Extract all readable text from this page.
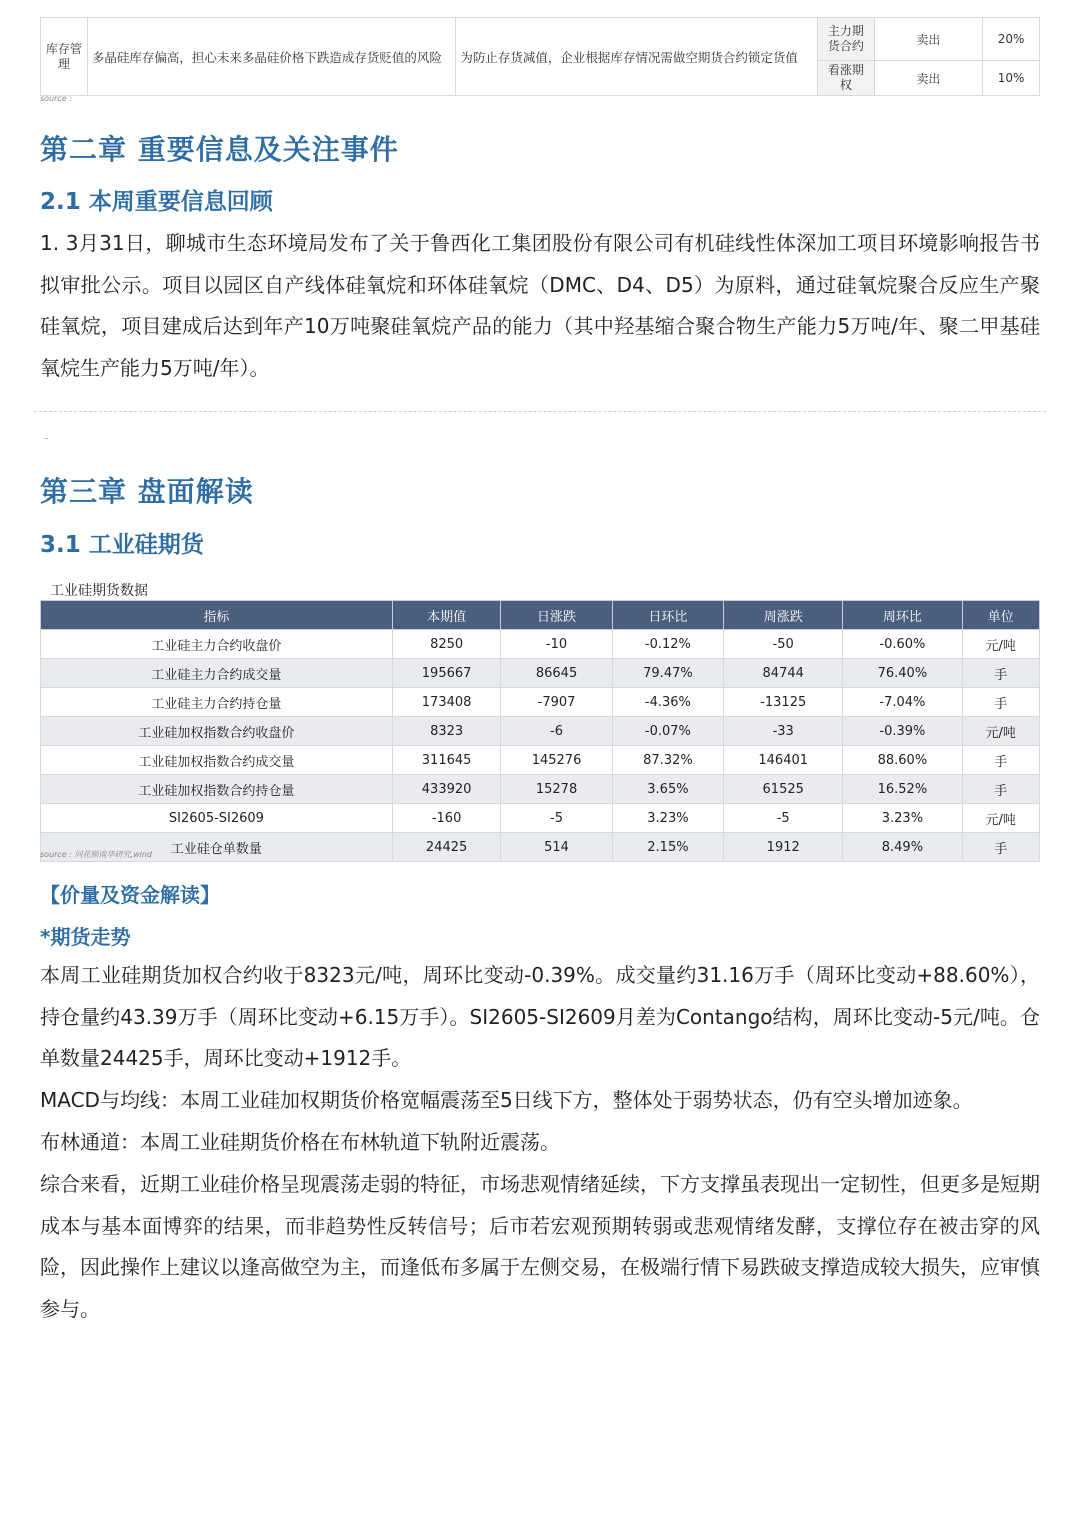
库存管理	多晶硅库存偏高，担心未来多晶硅价格下跌造成存货贬值的风险	为防止存货减值，企业根据库存情况需做空期货合约锁定货值	主力期货合约	卖出	20%
			看涨期权	卖出	10%
source :
第二章 重要信息及关注事件
2.1 本周重要信息回顾

1. 3月31日，聊城市生态环境局发布了关于鲁西化工集团股份有限公司有机硅线性体深加工项目环境影响报告书拟审批公示。项目以园区自产线体硅氧烷和环体硅氧烷（DMC、D4、D5）为原料，通过硅氧烷聚合反应生产聚硅氧烷，项目建成后达到年产10万吨聚硅氧烷产品的能力（其中羟基缩合聚合物生产能力5万吨/年、聚二甲基硅氧烷生产能力5万吨/年）。

..
第三章 盘面解读
3.1 工业硅期货
工业硅期货数据
指标	本期值	日涨跌	日环比	周涨跌	周环比	单位
工业硅主力合约收盘价	8250	-10	-0.12%	-50	-0.60%	元/吨
工业硅主力合约成交量	195667	86645	79.47%	84744	76.40%	手
工业硅主力合约持仓量	173408	-7907	-4.36%	-13125	-7.04%	手
工业硅加权指数合约收盘价	8323	-6	-0.07%	-33	-0.39%	元/吨
工业硅加权指数合约成交量	311645	145276	87.32%	146401	88.60%	手
工业硅加权指数合约持仓量	433920	15278	3.65%	61525	16.52%	手
SI2605-SI2609	-160	-5	3.23%	-5	3.23%	元/吨
工业硅仓单数量	24425	514	2.15%	1912	8.49%	手
source : 同花顺南华研究,wind
【价量及资金解读】
*期货走势

本周工业硅期货加权合约收于8323元/吨，周环比变动-0.39%。成交量约31.16万手（周环比变动+88.60%），持仓量约43.39万手（周环比变动+6.15万手）。SI2605-SI2609月差为Contango结构，周环比变动-5元/吨。仓单数量24425手，周环比变动+1912手。

MACD与均线：本周工业硅加权期货价格宽幅震荡至5日线下方，整体处于弱势状态，仍有空头增加迹象。

布林通道：本周工业硅期货价格在布林轨道下轨附近震荡。

综合来看，近期工业硅价格呈现震荡走弱的特征，市场悲观情绪延续，下方支撑虽表现出一定韧性，但更多是短期成本与基本面博弈的结果，而非趋势性反转信号；后市若宏观预期转弱或悲观情绪发酵，支撑位存在被击穿的风险，因此操作上建议以逢高做空为主，而逢低布多属于左侧交易，在极端行情下易跌破支撑造成较大损失，应审慎参与。
